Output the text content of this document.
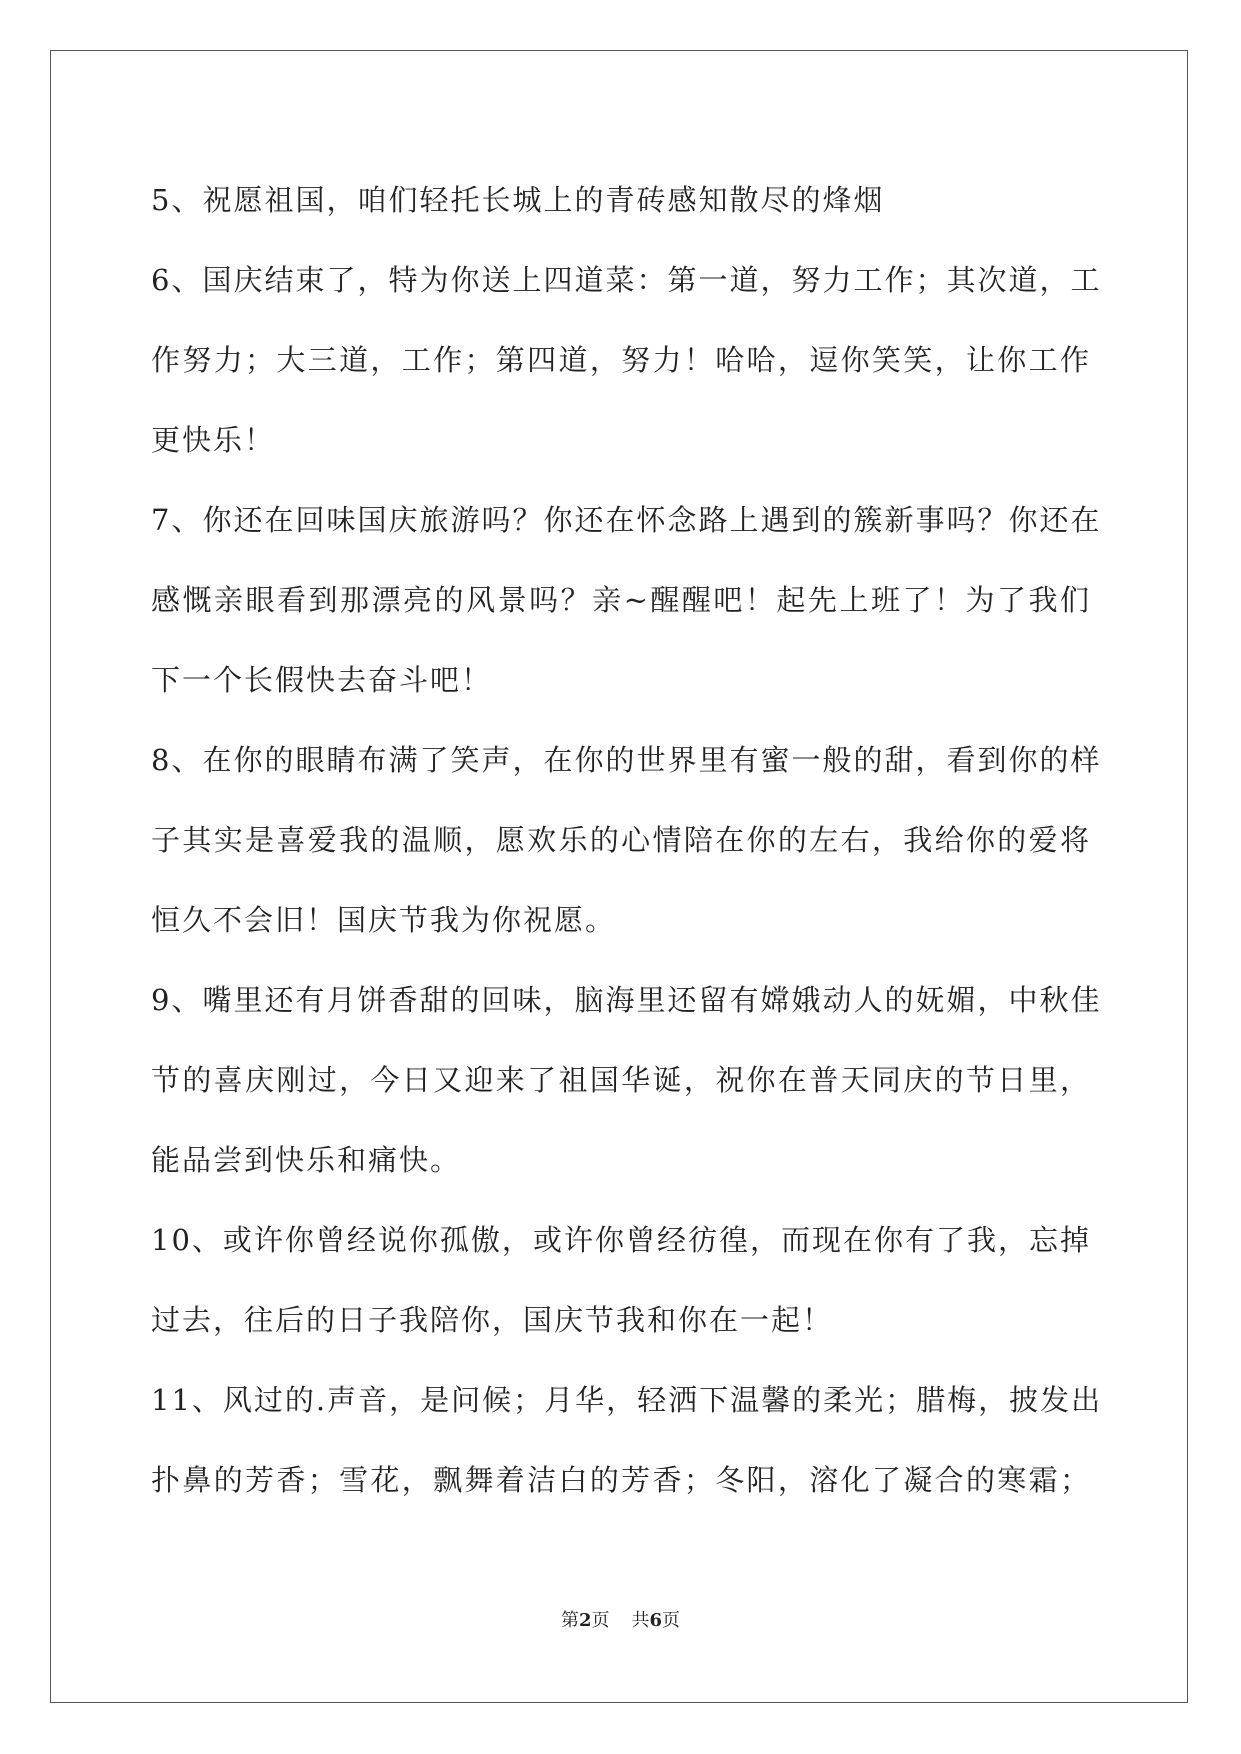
5、祝愿祖国，咱们轻托长城上的青砖感知散尽的烽烟
6、国庆结束了，特为你送上四道菜：第一道，努力工作；其次道，工
作努力；大三道，工作；第四道，努力！哈哈，逗你笑笑，让你工作
更快乐！
7、你还在回味国庆旅游吗？你还在怀念路上遇到的簇新事吗？你还在
感慨亲眼看到那漂亮的风景吗？亲~醒醒吧！起先上班了！为了我们
下一个长假快去奋斗吧！
8、在你的眼睛布满了笑声，在你的世界里有蜜一般的甜，看到你的样
子其实是喜爱我的温顺，愿欢乐的心情陪在你的左右，我给你的爱将
恒久不会旧！国庆节我为你祝愿。
9、嘴里还有月饼香甜的回味，脑海里还留有嫦娥动人的妩媚，中秋佳
节的喜庆刚过，今日又迎来了祖国华诞，祝你在普天同庆的节日里，
能品尝到快乐和痛快。
10、或许你曾经说你孤傲，或许你曾经彷徨，而现在你有了我，忘掉
过去，往后的日子我陪你，国庆节我和你在一起！
11、风过的.声音，是问候；月华，轻洒下温馨的柔光；腊梅，披发出
扑鼻的芳香；雪花，飘舞着洁白的芳香；冬阳，溶化了凝合的寒霜；
第2页 共6页
